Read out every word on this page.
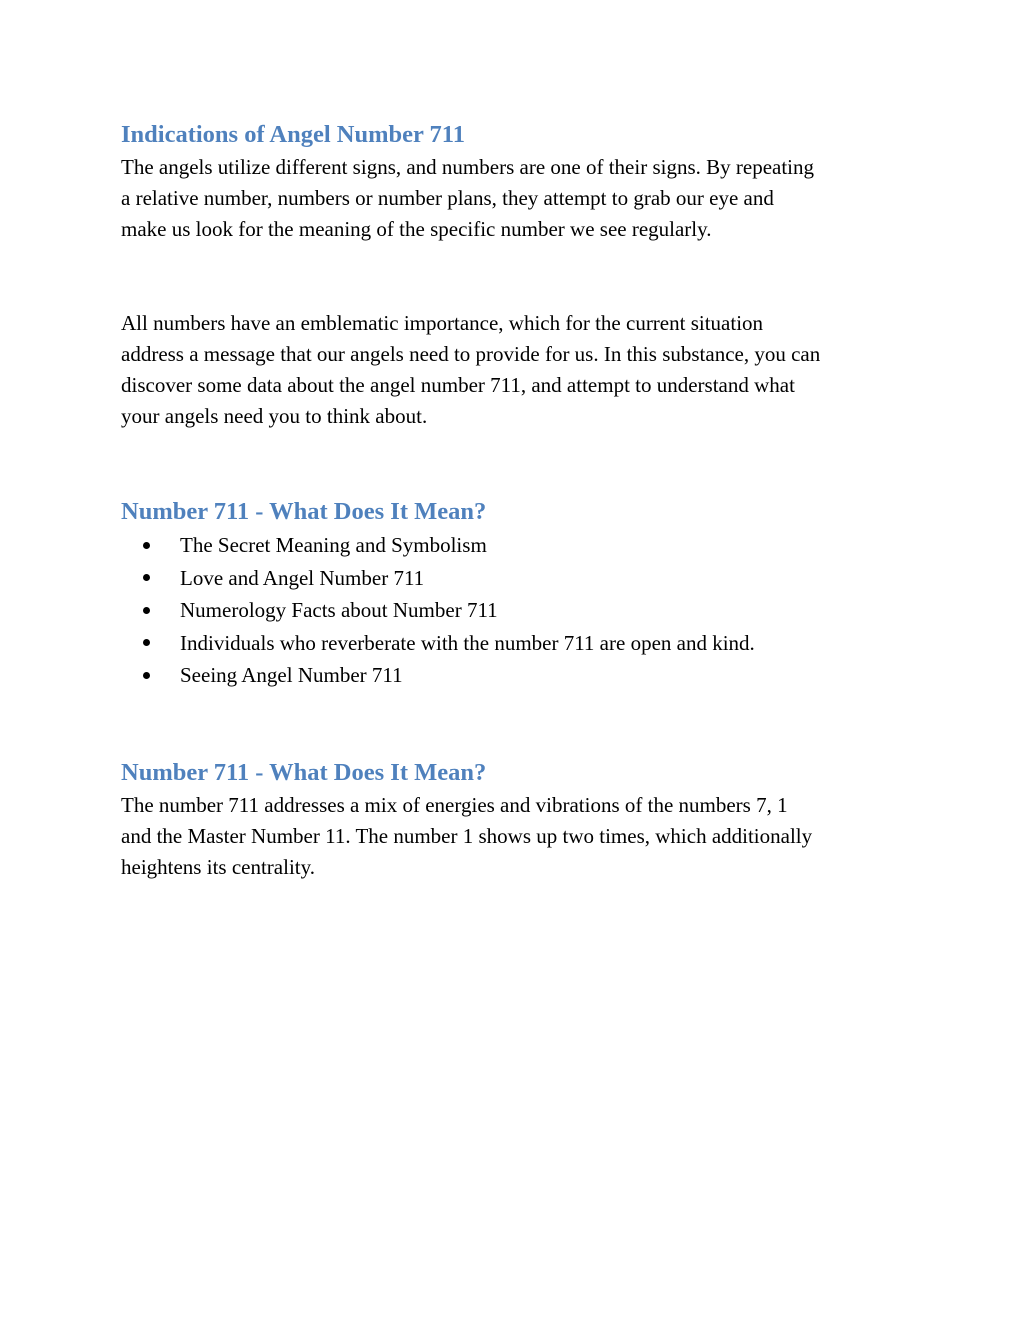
Indications of Angel Number 711
The angels utilize different signs, and numbers are one of their signs. By repeating
a relative number, numbers or number plans, they attempt to grab our eye and
make us look for the meaning of the specific number we see regularly.
All numbers have an emblematic importance, which for the current situation
address a message that our angels need to provide for us. In this substance, you can
discover some data about the angel number 711, and attempt to understand what
your angels need you to think about.
Number 711 - What Does It Mean?
The Secret Meaning and Symbolism
Love and Angel Number 711
Numerology Facts about Number 711
Individuals who reverberate with the number 711 are open and kind.
Seeing Angel Number 711
Number 711 - What Does It Mean?
The number 711 addresses a mix of energies and vibrations of the numbers 7, 1
and the Master Number 11. The number 1 shows up two times, which additionally
heightens its centrality.
